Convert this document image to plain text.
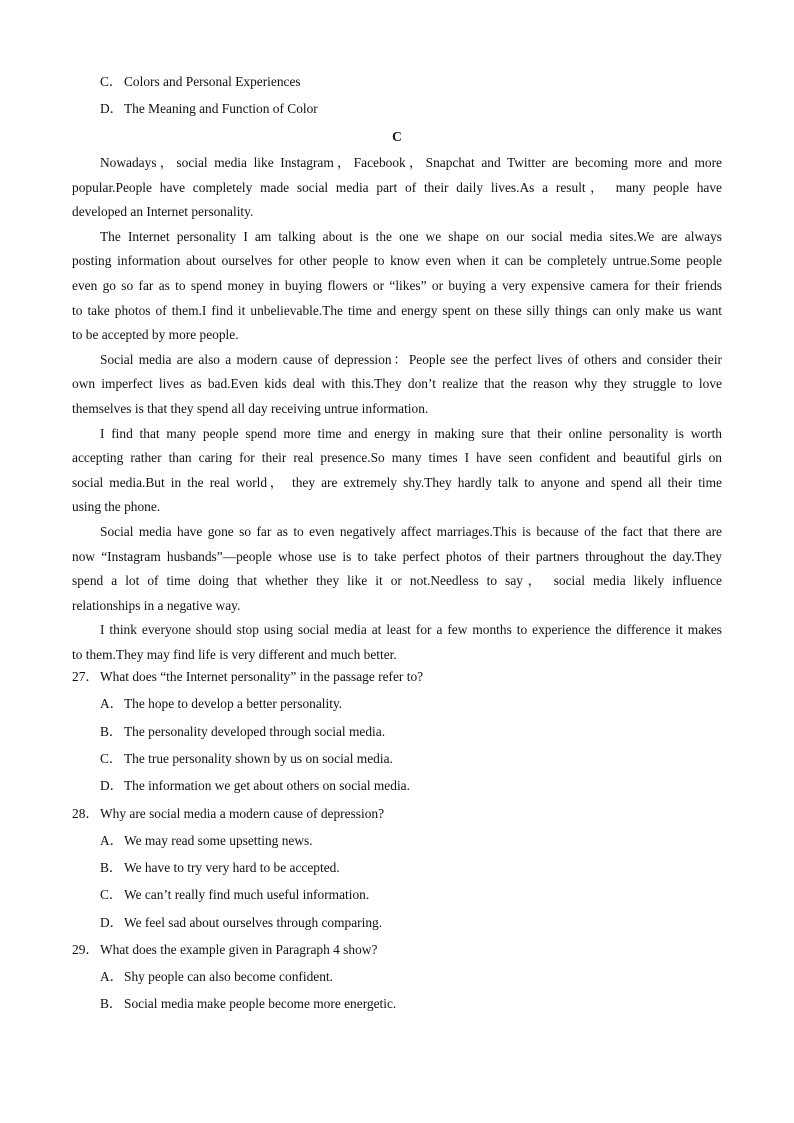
C． Colors and Personal Experiences
D．The Meaning and Function of Color
C

Nowadays，social media like Instagram，Facebook，Snapchat and Twitter are becoming more and more
popular.People have completely made social media part of their daily lives.As a result， many people have
developed an Internet personality.

The Internet personality I am talking about is the one we shape on our social media sites.We are always
posting information about ourselves for other people to know even when it can be completely untrue.Some people
even go so far as to spend money in buying flowers or “likes” or buying a very expensive camera for their friends
to take photos of them.I find it unbelievable.The time and energy spent on these silly things can only make us want
to be accepted by more people.

Social media are also a modern cause of depression：People see the perfect lives of others and consider their
own imperfect lives as bad.Even kids deal with this.They don’t realize that the reason why they struggle to love
themselves is that they spend all day receiving untrue information.

I find that many people spend more time and energy in making sure that their online personality is worth
accepting rather than caring for their real presence.So many times I have seen confident and beautiful girls on
social media.But in the real world， they are extremely shy.They hardly talk to anyone and spend all their time
using the phone.

Social media have gone so far as to even negatively affect marriages.This is because of the fact that there are
now “Instagram husbands”—people whose use is to take perfect photos of their partners throughout the day.They
spend a lot of time doing that whether they like it or not.Needless to say， social media likely influence
relationships in a negative way.

I think everyone should stop using social media at least for a few months to experience the difference it makes
to them.They may find life is very different and much better.

27．What does “the Internet personality” in the passage refer to?
A．The hope to develop a better personality.
B． The personality developed through social media.
C． The true personality shown by us on social media.
D．The information we get about others on social media.
28．Why are social media a modern cause of depression?
A．We may read some upsetting news.
B． We have to try very hard to be accepted.
C． We can’t really find much useful information.
D．We feel sad about ourselves through comparing.
29．What does the example given in Paragraph 4 show?
A．Shy people can also become confident.
B． Social media make people become more energetic.
